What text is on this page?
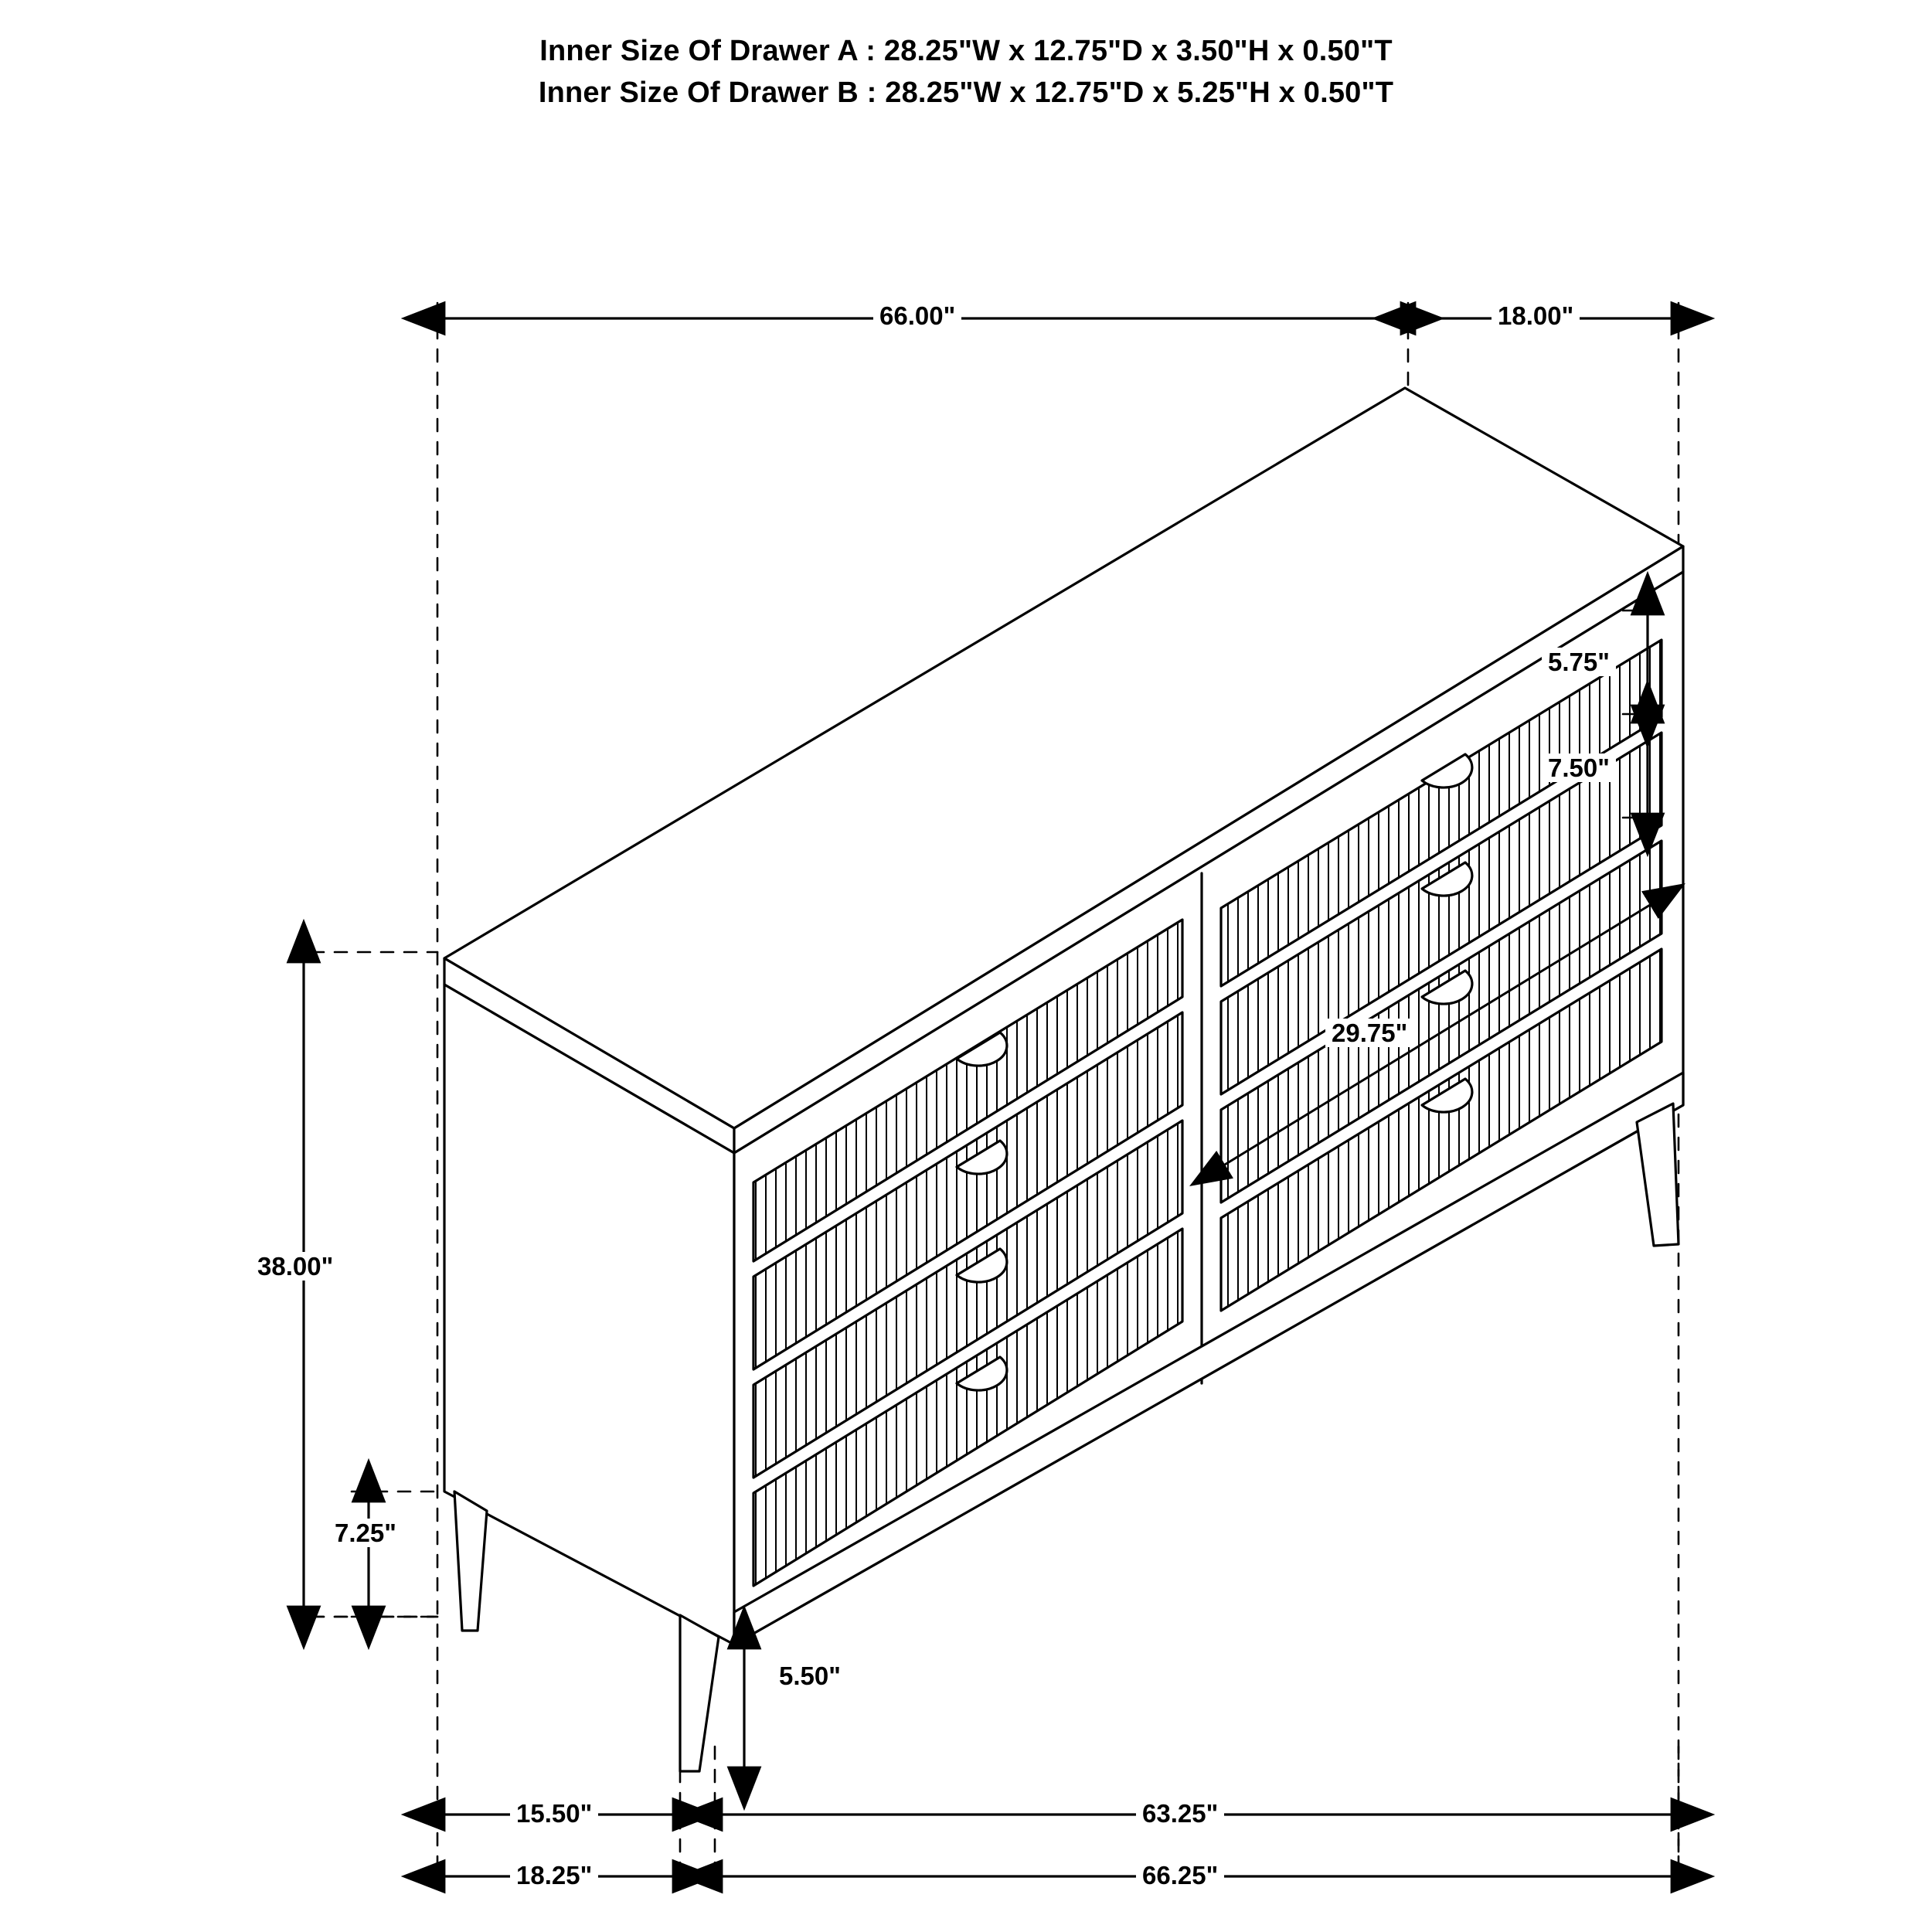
Inner Size Of Drawer A : 28.25"W x 12.75"D x 3.50"H x 0.50"T
Inner Size Of Drawer B : 28.25"W x 12.75"D x 5.25"H x 0.50"T
66.00"	18.00"
5.75"
7.50"
29.75"
38.00"
7.25"
5.50"
15.50"	63.25"
18.25"	66.25"
